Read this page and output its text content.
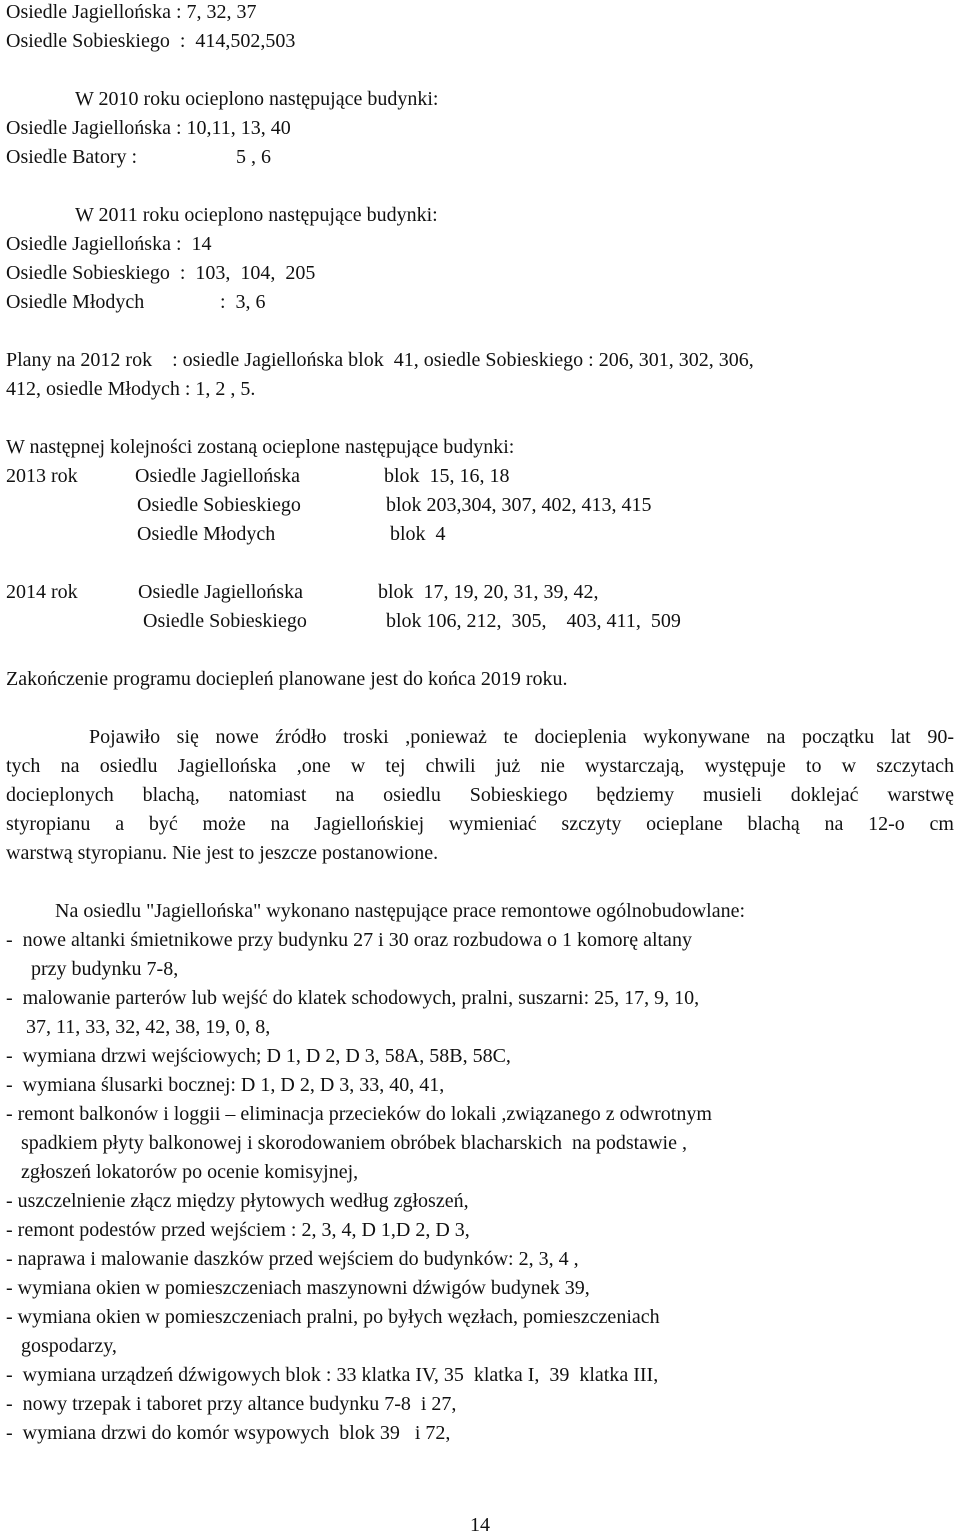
Osiedle Jagiellońska : 7, 32, 37
Osiedle Sobieskiego  :  414,502,503
W 2010 roku ocieplono następujące budynki:
Osiedle Jagiellońska : 10,11, 13, 40
Osiedle Batory :	5 , 6
W 2011 roku ocieplono następujące budynki:
Osiedle Jagiellońska :  14
Osiedle Sobieskiego  :  103,  104,  205
Osiedle Młodych	:  3, 6
Plany na 2012 rok    : osiedle Jagiellońska blok  41, osiedle Sobieskiego : 206, 301, 302, 306,
412, osiedle Młodych : 1, 2 , 5.
W następnej kolejności zostaną ocieplone następujące budynki:
2013 rok	Osiedle Jagiellońska	blok  15, 16, 18
Osiedle Sobieskiego	blok 203,304, 307, 402, 413, 415
Osiedle Młodych	blok  4
2014 rok	Osiedle Jagiellońska	blok  17, 19, 20, 31, 39, 42,
Osiedle Sobieskiego	blok 106, 212,  305,    403, 411,  509
Zakończenie programu dociepleń planowane jest do końca 2019 roku.
Pojawiło się nowe źródło troski ,ponieważ te docieplenia wykonywane na początku lat 90-
tych na osiedlu Jagiellońska ,one w tej chwili już nie wystarczają, występuje to w szczytach
docieplonych blachą, natomiast na osiedlu Sobieskiego będziemy musieli doklejać warstwę
styropianu a być może na Jagiellońskiej wymieniać szczyty ocieplane blachą na 12-o cm
warstwą styropianu. Nie jest to jeszcze postanowione.
Na osiedlu "Jagiellońska" wykonano następujące prace remontowe ogólnobudowlane:
-  nowe altanki śmietnikowe przy budynku 27 i 30 oraz rozbudowa o 1 komorę altany
przy budynku 7-8,
-  malowanie parterów lub wejść do klatek schodowych, pralni, suszarni: 25, 17, 9, 10,
37, 11, 33, 32, 42, 38, 19, 0, 8,
-  wymiana drzwi wejściowych; D 1, D 2, D 3, 58A, 58B, 58C,
-  wymiana ślusarki bocznej: D 1, D 2, D 3, 33, 40, 41,
- remont balkonów i loggii – eliminacja przecieków do lokali ,związanego z odwrotnym
spadkiem płyty balkonowej i skorodowaniem obróbek blacharskich  na podstawie ,
zgłoszeń lokatorów po ocenie komisyjnej,
- uszczelnienie złącz między płytowych według zgłoszeń,
- remont podestów przed wejściem : 2, 3, 4, D 1,D 2, D 3,
- naprawa i malowanie daszków przed wejściem do budynków: 2, 3, 4 ,
- wymiana okien w pomieszczeniach maszynowni dźwigów budynek 39,
- wymiana okien w pomieszczeniach pralni, po byłych węzłach, pomieszczeniach
gospodarzy,
-  wymiana urządzeń dźwigowych blok : 33 klatka IV, 35  klatka I,  39  klatka III,
-  nowy trzepak i taboret przy altance budynku 7-8  i 27,
-  wymiana drzwi do komór wsypowych  blok 39   i 72,
14
